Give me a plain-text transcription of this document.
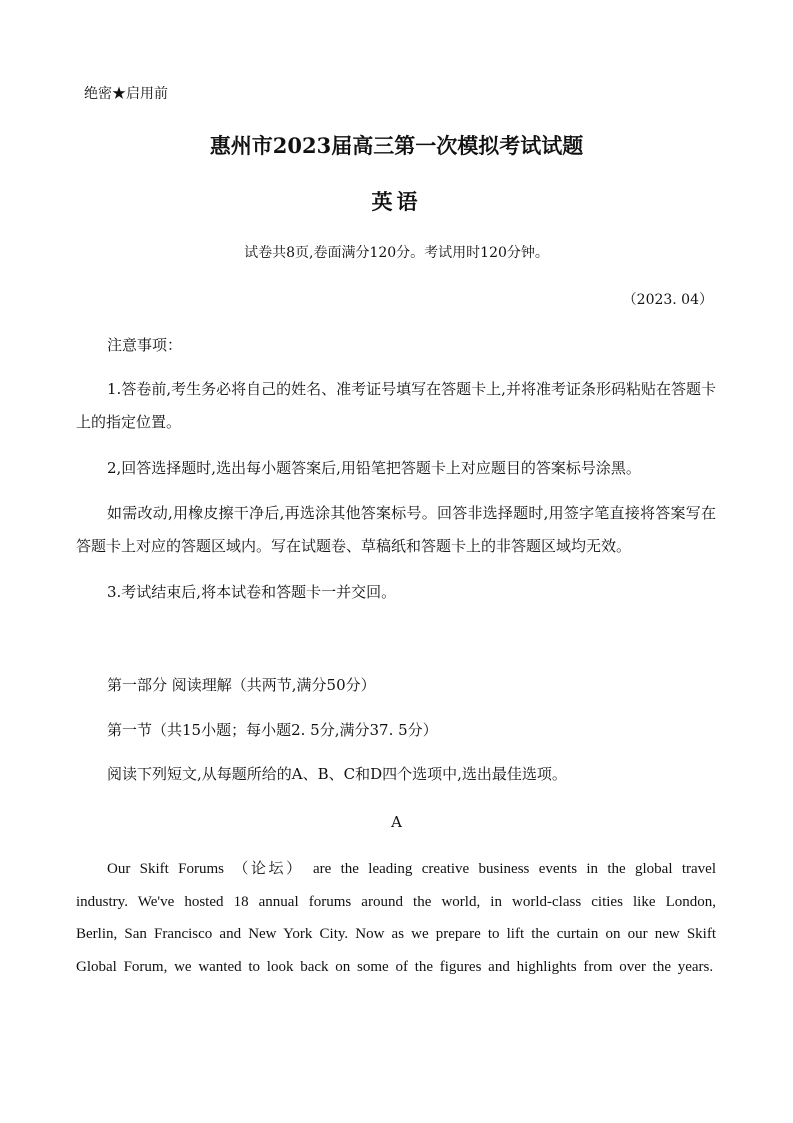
绝密★启用前
惠州市2023届高三第一次模拟考试试题
英语
试卷共8页,卷面满分120分。考试用时120分钟。
（2023. 04）
注意事项：
1.答卷前,考生务必将自己的姓名、准考证号填写在答题卡上,并将准考证条形码粘贴在答题卡上的指定位置。
2,回答选择题时,选出每小题答案后,用铅笔把答题卡上对应题目的答案标号涂黑。
如需改动,用橡皮擦干净后,再选涂其他答案标号。回答非选择题时,用签字笔直接将答案写在答题卡上对应的答题区域内。写在试题卷、草稿纸和答题卡上的非答题区域均无效。
3.考试结束后,将本试卷和答题卡一并交回。
第一部分 阅读理解（共两节,满分50分）
第一节（共15小题；每小题2. 5分,满分37. 5分）
阅读下列短文,从每题所给的A、B、C和D四个选项中,选出最佳选项。
A
Our Skift Forums （论坛） are the leading creative business events in the global travel industry. We've hosted 18 annual forums around the world, in world-class cities like London, Berlin, San Francisco and New York City. Now as we prepare to lift the curtain on our new Skift Global Forum, we wanted to look back on some of the figures and highlights from over the years.
